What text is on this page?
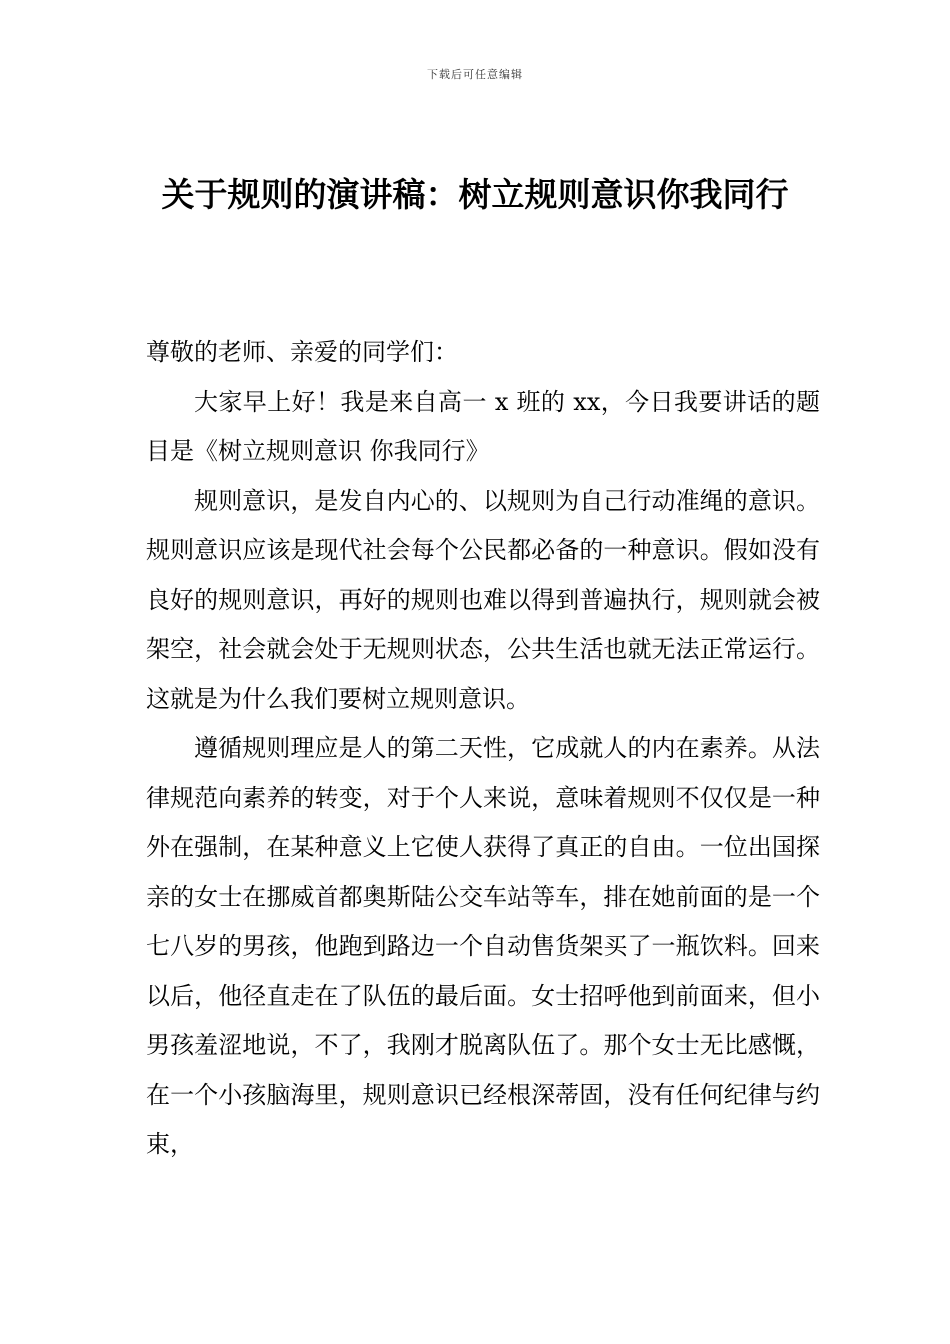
下载后可任意编辑
关于规则的演讲稿：树立规则意识你我同行

尊敬的老师、亲爱的同学们：

大家早上好！我是来自高一 x 班的 xx，今日我要讲话的题目是《树立规则意识 你我同行》

规则意识，是发自内心的、以规则为自己行动准绳的意识。规则意识应该是现代社会每个公民都必备的一种意识。假如没有良好的规则意识，再好的规则也难以得到普遍执行，规则就会被架空，社会就会处于无规则状态，公共生活也就无法正常运行。这就是为什么我们要树立规则意识。

遵循规则理应是人的第二天性，它成就人的内在素养。从法律规范向素养的转变，对于个人来说，意味着规则不仅仅是一种外在强制，在某种意义上它使人获得了真正的自由。一位出国探亲的女士在挪威首都奥斯陆公交车站等车，排在她前面的是一个七八岁的男孩，他跑到路边一个自动售货架买了一瓶饮料。回来以后，他径直走在了队伍的最后面。女士招呼他到前面来，但小男孩羞涩地说，不了，我刚才脱离队伍了。那个女士无比感慨，在一个小孩脑海里，规则意识已经根深蒂固，没有任何纪律与约束，
